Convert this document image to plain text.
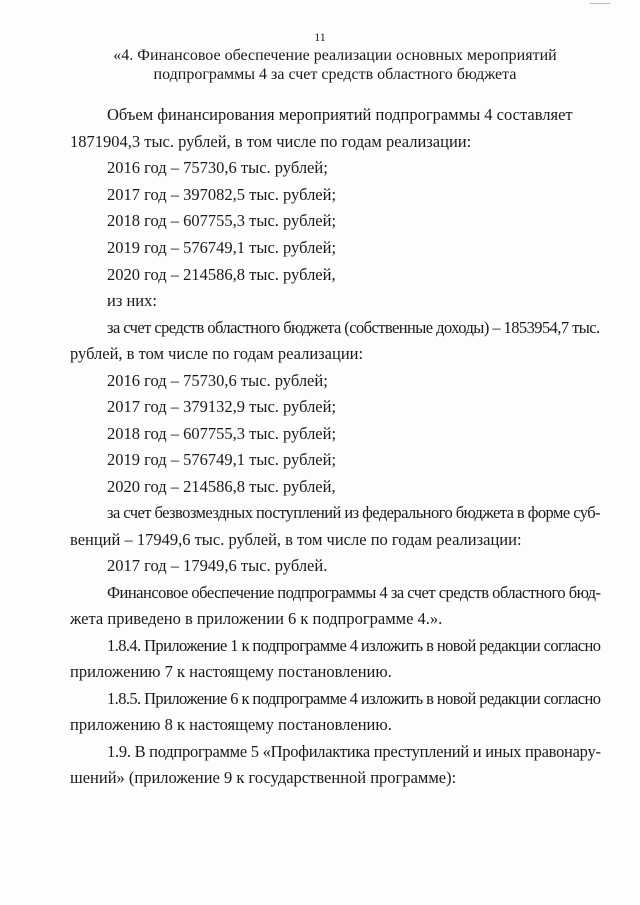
11
«4. Финансовое обеспечение реализации основных мероприятий
подпрограммы 4 за счет средств областного бюджета
Объем финансирования мероприятий подпрограммы 4 составляет
1871904,3 тыс. рублей, в том числе по годам реализации:
2016 год – 75730,6 тыс. рублей;
2017 год – 397082,5 тыс. рублей;
2018 год – 607755,3 тыс. рублей;
2019 год – 576749,1 тыс. рублей;
2020 год – 214586,8 тыс. рублей,
из них:
за счет средств областного бюджета (собственные доходы) – 1853954,7 тыс.
рублей, в том числе по годам реализации:
2016 год – 75730,6 тыс. рублей;
2017 год – 379132,9 тыс. рублей;
2018 год – 607755,3 тыс. рублей;
2019 год – 576749,1 тыс. рублей;
2020 год – 214586,8 тыс. рублей,
за счет безвозмездных поступлений из федерального бюджета в форме суб-
венций – 17949,6 тыс. рублей, в том числе по годам реализации:
2017 год – 17949,6 тыс. рублей.
Финансовое обеспечение подпрограммы 4 за счет средств областного бюд-
жета приведено в приложении 6 к подпрограмме 4.».
1.8.4. Приложение 1 к подпрограмме 4 изложить в новой редакции согласно
приложению 7 к настоящему постановлению.
1.8.5. Приложение 6 к подпрограмме 4 изложить в новой редакции согласно
приложению 8 к настоящему постановлению.
1.9. В подпрограмме 5 «Профилактика преступлений и иных правонару-
шений» (приложение 9 к государственной программе):
